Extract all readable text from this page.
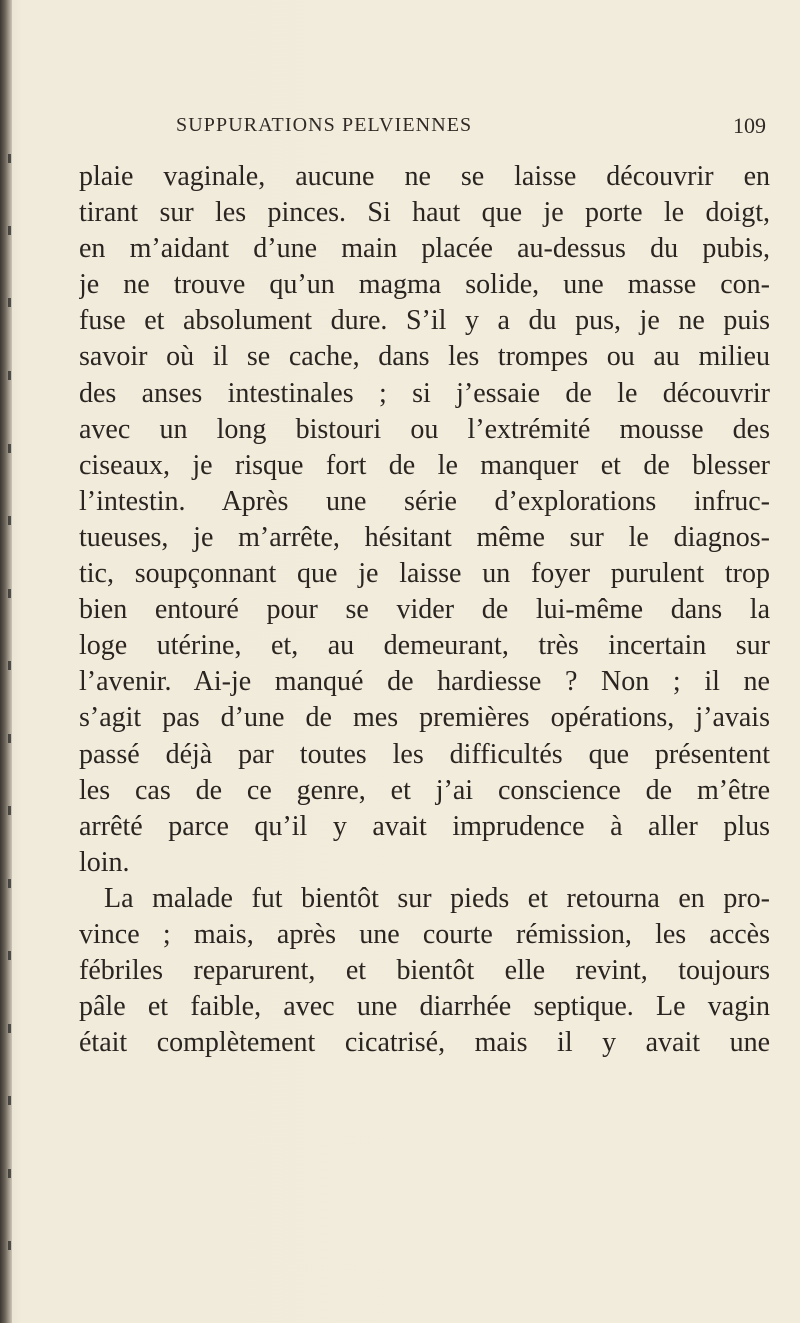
SUPPURATIONS PELVIENNES	109
plaie vaginale, aucune ne se laisse découvrir en
tirant sur les pinces. Si haut que je porte le doigt,
en m’aidant d’une main placée au-dessus du pubis,
je ne trouve qu’un magma solide, une masse con-
fuse et absolument dure. S’il y a du pus, je ne puis
savoir où il se cache, dans les trompes ou au milieu
des anses intestinales ; si j’essaie de le découvrir
avec un long bistouri ou l’extrémité mousse des
ciseaux, je risque fort de le manquer et de blesser
l’intestin. Après une série d’explorations infruc-
tueuses, je m’arrête, hésitant même sur le diagnos-
tic, soupçonnant que je laisse un foyer purulent trop
bien entouré pour se vider de lui-même dans la
loge utérine, et, au demeurant, très incertain sur
l’avenir. Ai-je manqué de hardiesse ? Non ; il ne
s’agit pas d’une de mes premières opérations, j’avais
passé déjà par toutes les difficultés que présentent
les cas de ce genre, et j’ai conscience de m’être
arrêté parce qu’il y avait imprudence à aller plus
loin.
La malade fut bientôt sur pieds et retourna en pro-
vince ; mais, après une courte rémission, les accès
fébriles reparurent, et bientôt elle revint, toujours
pâle et faible, avec une diarrhée septique. Le vagin
était complètement cicatrisé, mais il y avait une
